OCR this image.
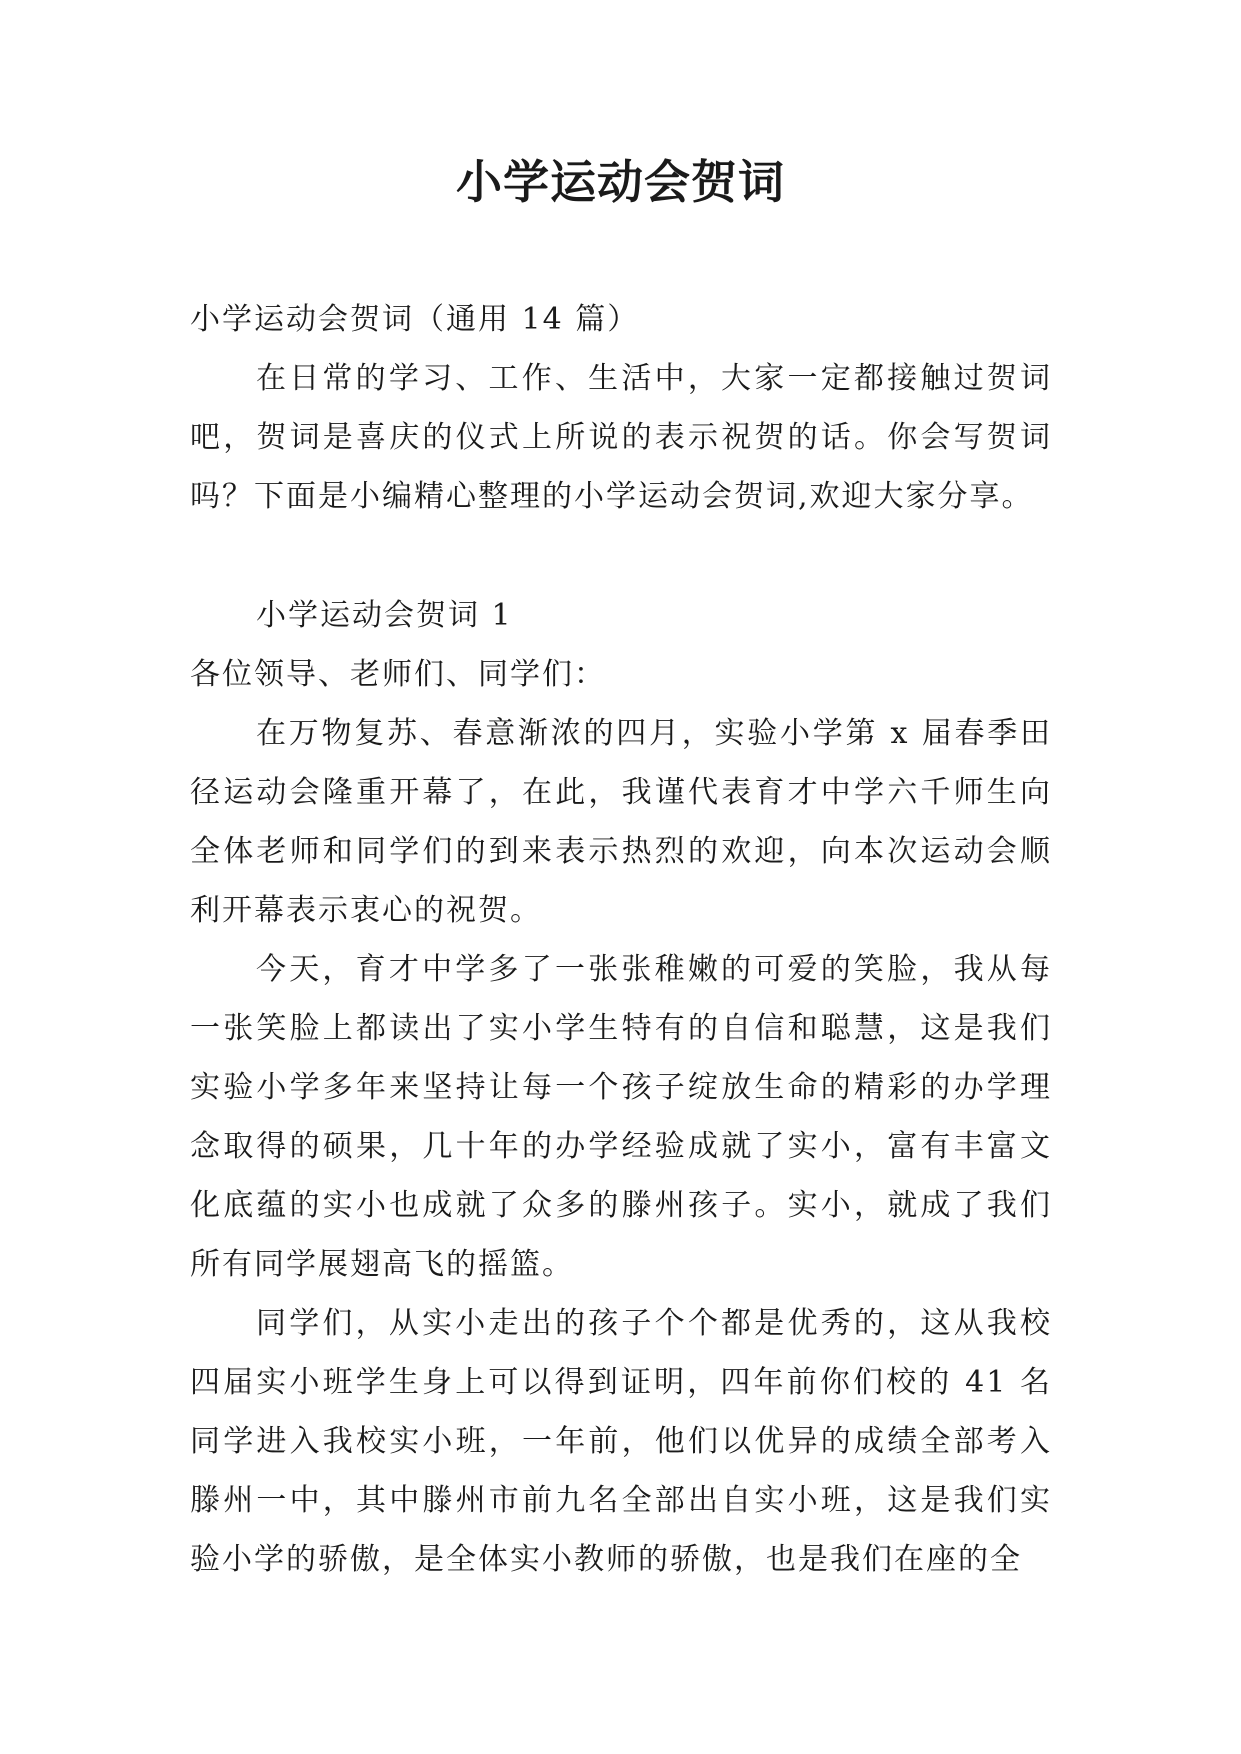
小学运动会贺词

小学运动会贺词（通用 14 篇）

在日常的学习、工作、生活中，大家一定都接触过贺词吧，贺词是喜庆的仪式上所说的表示祝贺的话。你会写贺词吗？下面是小编精心整理的小学运动会贺词,欢迎大家分享。

小学运动会贺词 1

各位领导、老师们、同学们：

在万物复苏、春意渐浓的四月，实验小学第 x 届春季田径运动会隆重开幕了，在此，我谨代表育才中学六千师生向全体老师和同学们的到来表示热烈的欢迎，向本次运动会顺利开幕表示衷心的祝贺。

今天，育才中学多了一张张稚嫩的可爱的笑脸，我从每一张笑脸上都读出了实小学生特有的自信和聪慧，这是我们实验小学多年来坚持让每一个孩子绽放生命的精彩的办学理念取得的硕果，几十年的办学经验成就了实小，富有丰富文化底蕴的实小也成就了众多的滕州孩子。实小，就成了我们所有同学展翅高飞的摇篮。

同学们，从实小走出的孩子个个都是优秀的，这从我校四届实小班学生身上可以得到证明，四年前你们校的 41 名同学进入我校实小班，一年前，他们以优异的成绩全部考入滕州一中，其中滕州市前九名全部出自实小班，这是我们实验小学的骄傲，是全体实小教师的骄傲，也是我们在座的全
